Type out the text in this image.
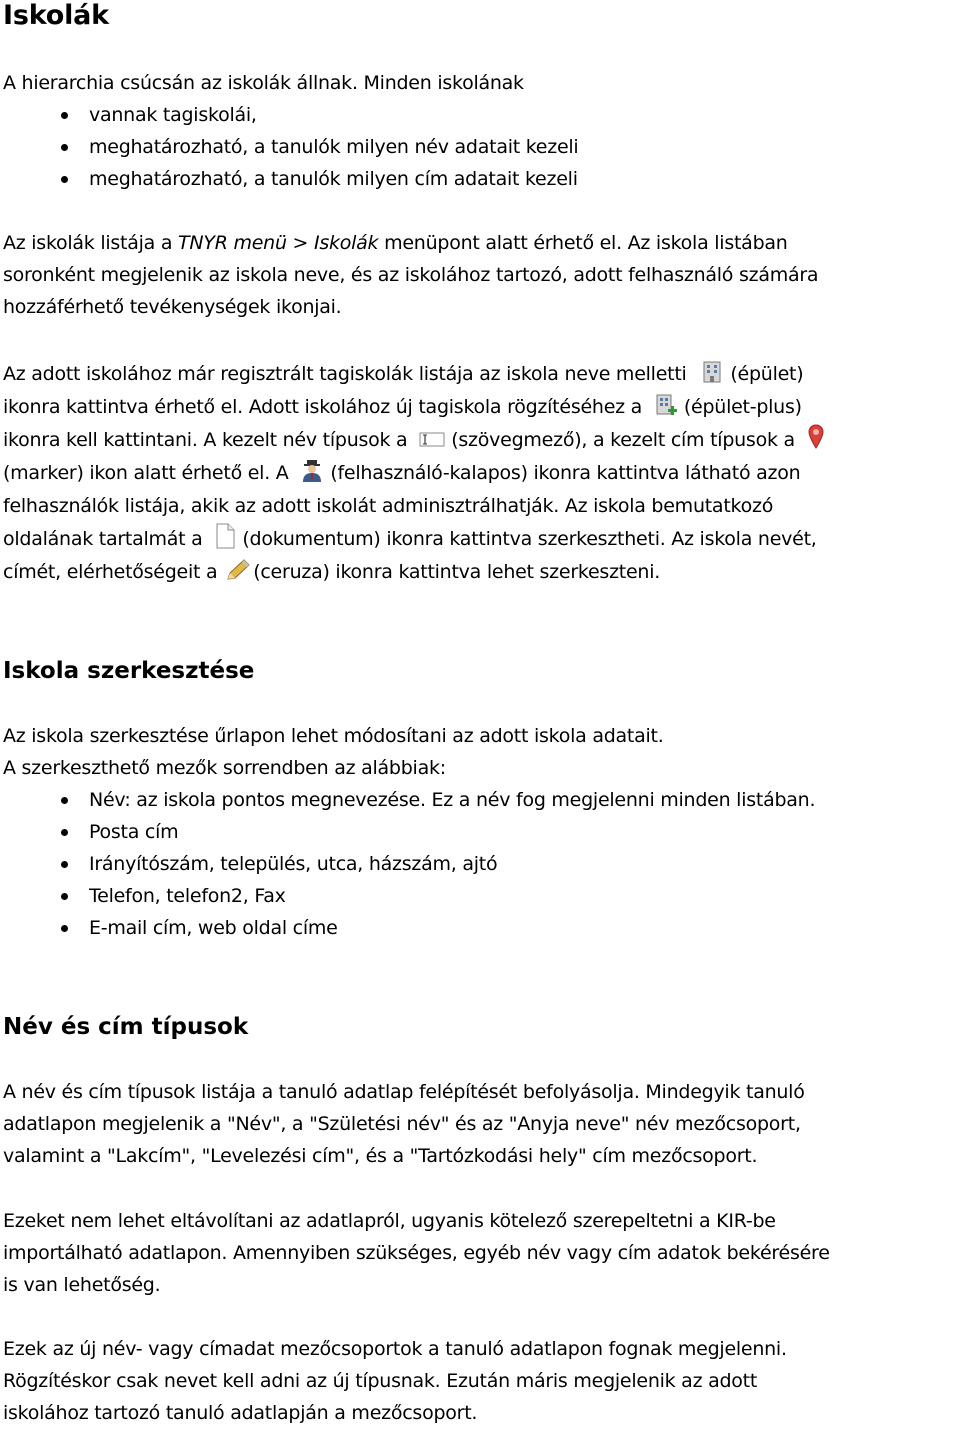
Iskolák

A hierarchia csúcsán az iskolák állnak. Minden iskolának

vannak tagiskolái,
meghatározható, a tanulók milyen név adatait kezeli
meghatározható, a tanulók milyen cím adatait kezeli

Az iskolák listája a TNYR menü > Iskolák menüpont alatt érhető el. Az iskola listában
soronként megjelenik az iskola neve, és az iskolához tartozó, adott felhasználó számára
hozzáférhető tevékenységek ikonjai.

Az adott iskolához már regisztrált tagiskolák listája az iskola neve melletti (épület)
ikonra kattintva érhető el. Adott iskolához új tagiskola rögzítéséhez a (épület-plus)
ikonra kell kattintani. A kezelt név típusok a (szövegmező), a kezelt cím típusok a

(marker) ikon alatt érhető el. A (felhasználó-kalapos) ikonra kattintva látható azon
felhasználók listája, akik az adott iskolát adminisztrálhatják. Az iskola bemutatkozó
oldalának tartalmát a (dokumentum) ikonra kattintva szerkesztheti. Az iskola nevét,
címét, elérhetőségeit a (ceruza) ikonra kattintva lehet szerkeszteni.

Iskola szerkesztése

Az iskola szerkesztése űrlapon lehet módosítani az adott iskola adatait.
A szerkeszthető mezők sorrendben az alábbiak:

Név: az iskola pontos megnevezése. Ez a név fog megjelenni minden listában.
Posta cím
Irányítószám, település, utca, házszám, ajtó
Telefon, telefon2, Fax
E-mail cím, web oldal címe
Név és cím típusok

A név és cím típusok listája a tanuló adatlap felépítését befolyásolja. Mindegyik tanuló
adatlapon megjelenik a "Név", a "Születési név" és az "Anyja neve" név mezőcsoport,
valamint a "Lakcím", "Levelezési cím", és a "Tartózkodási hely" cím mezőcsoport.

Ezeket nem lehet eltávolítani az adatlapról, ugyanis kötelező szerepeltetni a KIR-be
importálható adatlapon. Amennyiben szükséges, egyéb név vagy cím adatok bekérésére
is van lehetőség.

Ezek az új név- vagy címadat mezőcsoportok a tanuló adatlapon fognak megjelenni.
Rögzítéskor csak nevet kell adni az új típusnak. Ezután máris megjelenik az adott
iskolához tartozó tanuló adatlapján a mezőcsoport.
